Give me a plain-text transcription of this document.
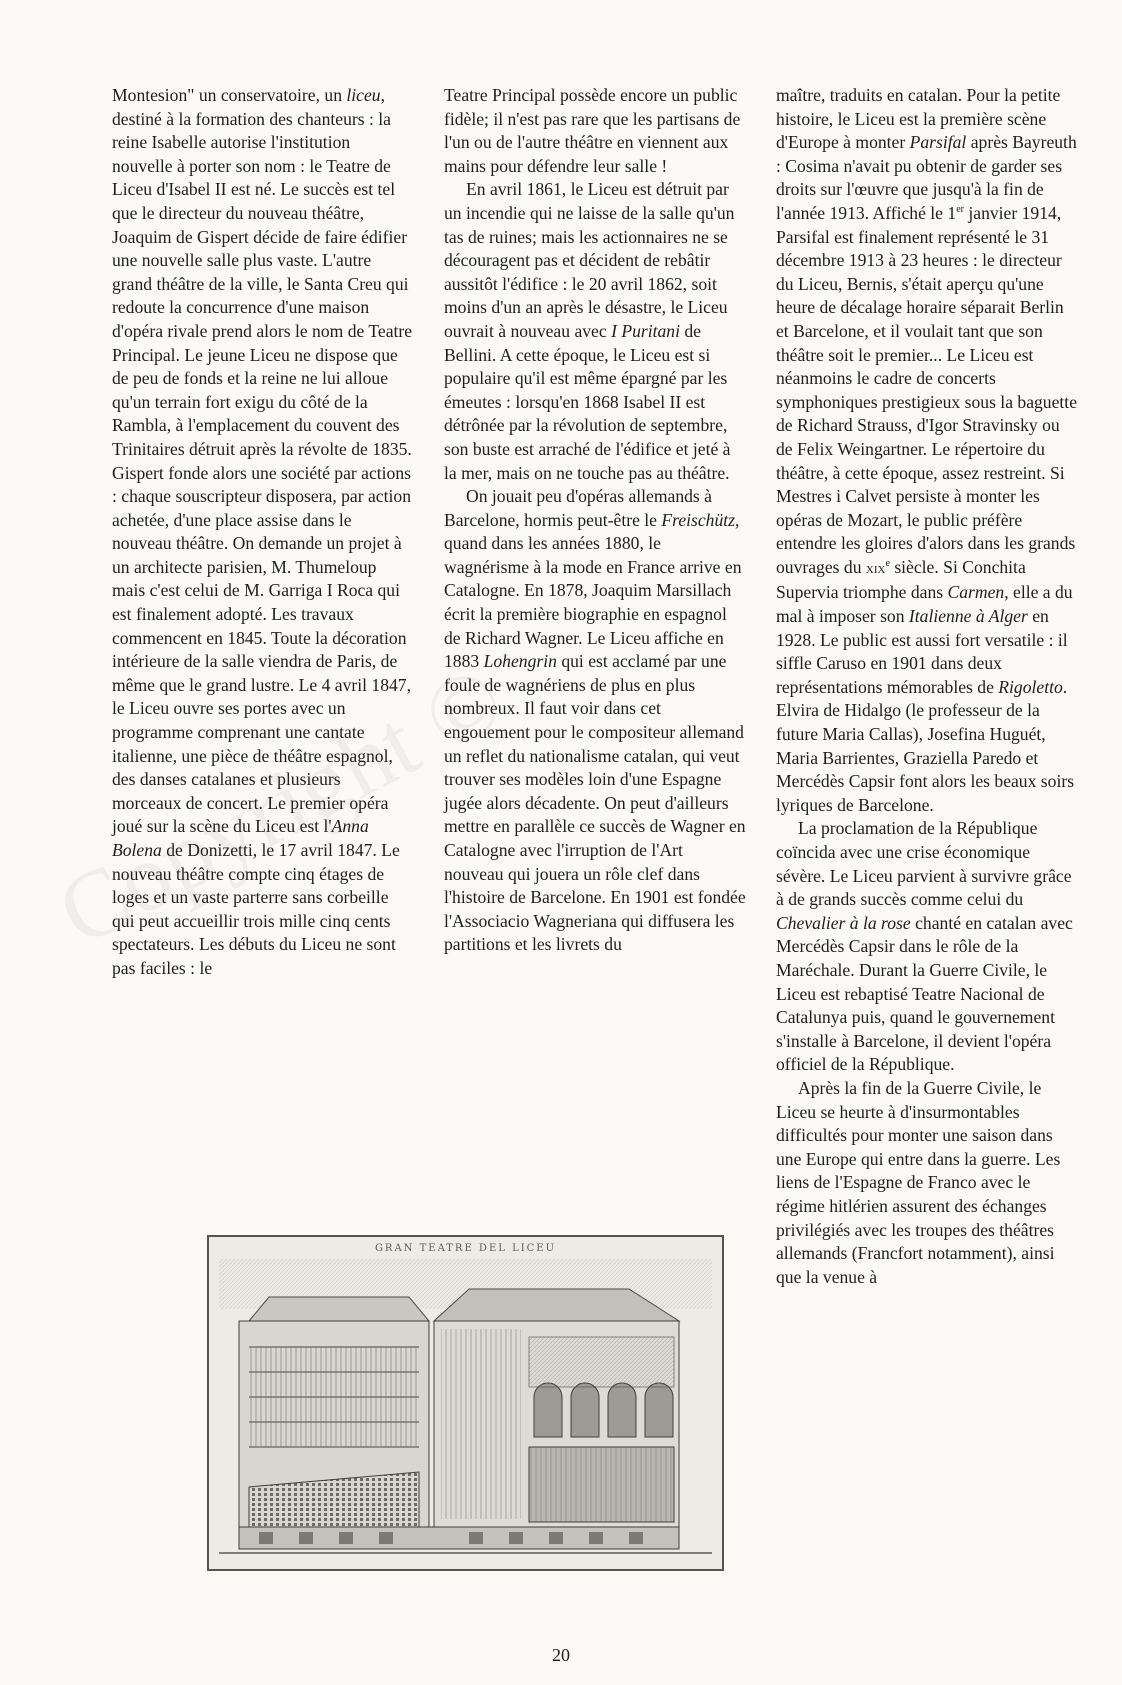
Montesion" un conservatoire, un liceu, destiné à la formation des chanteurs : la reine Isabelle autorise l'institution nouvelle à porter son nom : le Teatre de Liceu d'Isabel II est né. Le succès est tel que le directeur du nouveau théâtre, Joaquim de Gispert décide de faire édifier une nouvelle salle plus vaste. L'autre grand théâtre de la ville, le Santa Creu qui redoute la concurrence d'une maison d'opéra rivale prend alors le nom de Teatre Principal. Le jeune Liceu ne dispose que de peu de fonds et la reine ne lui alloue qu'un terrain fort exigu du côté de la Rambla, à l'emplacement du couvent des Trinitaires détruit après la révolte de 1835. Gispert fonde alors une société par actions : chaque souscripteur disposera, par action achetée, d'une place assise dans le nouveau théâtre. On demande un projet à un architecte parisien, M. Thumeloup mais c'est celui de M. Garriga I Roca qui est finalement adopté. Les travaux commencent en 1845. Toute la décoration intérieure de la salle viendra de Paris, de même que le grand lustre. Le 4 avril 1847, le Liceu ouvre ses portes avec un programme comprenant une cantate italienne, une pièce de théâtre espagnol, des danses catalanes et plusieurs morceaux de concert. Le premier opéra joué sur la scène du Liceu est l'Anna Bolena de Donizetti, le 17 avril 1847. Le nouveau théâtre compte cinq étages de loges et un vaste parterre sans corbeille qui peut accueillir trois mille cinq cents spectateurs. Les débuts du Liceu ne sont pas faciles : le

Teatre Principal possède encore un public fidèle; il n'est pas rare que les partisans de l'un ou de l'autre théâtre en viennent aux mains pour défendre leur salle !

En avril 1861, le Liceu est détruit par un incendie qui ne laisse de la salle qu'un tas de ruines; mais les actionnaires ne se découragent pas et décident de rebâtir aussitôt l'édifice : le 20 avril 1862, soit moins d'un an après le désastre, le Liceu ouvrait à nouveau avec I Puritani de Bellini. A cette époque, le Liceu est si populaire qu'il est même épargné par les émeutes : lorsqu'en 1868 Isabel II est détrônée par la révolution de septembre, son buste est arraché de l'édifice et jeté à la mer, mais on ne touche pas au théâtre.

On jouait peu d'opéras allemands à Barcelone, hormis peut-être le Freischütz, quand dans les années 1880, le wagnérisme à la mode en France arrive en Catalogne. En 1878, Joaquim Marsillach écrit la première biographie en espagnol de Richard Wagner. Le Liceu affiche en 1883 Lohengrin qui est acclamé par une foule de wagnériens de plus en plus nombreux. Il faut voir dans cet engouement pour le compositeur allemand un reflet du nationalisme catalan, qui veut trouver ses modèles loin d'une Espagne jugée alors décadente. On peut d'ailleurs mettre en parallèle ce succès de Wagner en Catalogne avec l'irruption de l'Art nouveau qui jouera un rôle clef dans l'histoire de Barcelone. En 1901 est fondée l'Associacio Wagneriana qui diffusera les partitions et les livrets du

maître, traduits en catalan. Pour la petite histoire, le Liceu est la première scène d'Europe à monter Parsifal après Bayreuth : Cosima n'avait pu obtenir de garder ses droits sur l'œuvre que jusqu'à la fin de l'année 1913. Affiché le 1er janvier 1914, Parsifal est finalement représenté le 31 décembre 1913 à 23 heures : le directeur du Liceu, Bernis, s'était aperçu qu'une heure de décalage horaire séparait Berlin et Barcelone, et il voulait tant que son théâtre soit le premier... Le Liceu est néanmoins le cadre de concerts symphoniques prestigieux sous la baguette de Richard Strauss, d'Igor Stravinsky ou de Felix Weingartner. Le répertoire du théâtre, à cette époque, assez restreint. Si Mestres i Calvet persiste à monter les opéras de Mozart, le public préfère entendre les gloires d'alors dans les grands ouvrages du xix$^e$ siècle. Si Conchita Supervia triomphe dans Carmen, elle a du mal à imposer son Italienne à Alger en 1928. Le public est aussi fort versatile : il siffle Caruso en 1901 dans deux représentations mémorables de Rigoletto. Elvira de Hidalgo (le professeur de la future Maria Callas), Josefina Huguét, Maria Barrientes, Graziella Paredo et Mercédès Capsir font alors les beaux soirs lyriques de Barcelone.

La proclamation de la République coïncida avec une crise économique sévère. Le Liceu parvient à survivre grâce à de grands succès comme celui du Chevalier à la rose chanté en catalan avec Mercédès Capsir dans le rôle de la Maréchale. Durant la Guerre Civile, le Liceu est rebaptisé Teatre Nacional de Catalunya puis, quand le gouvernement s'installe à Barcelone, il devient l'opéra officiel de la République.

Après la fin de la Guerre Civile, le Liceu se heurte à d'insurmontables difficultés pour monter une saison dans une Europe qui entre dans la guerre. Les liens de l'Espagne de Franco avec le régime hitlérien assurent des échanges privilégiés avec les troupes des théâtres allemands (Francfort notamment), ainsi que la venue à

GRAN TEATRE DEL LICEU
20
